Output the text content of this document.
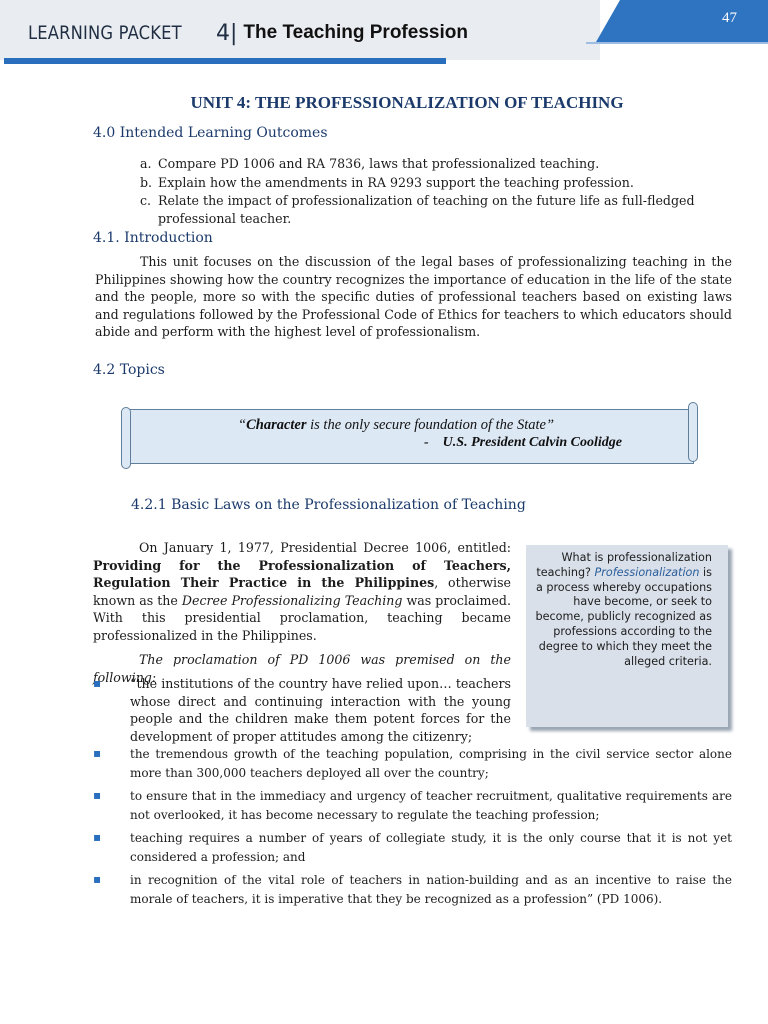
LEARNING PACKET 4 | The Teaching Profession
47
UNIT 4: THE PROFESSIONALIZATION OF TEACHING
4.0 Intended Learning Outcomes
a. Compare PD 1006 and RA 7836, laws that professionalized teaching.
b. Explain how the amendments in RA 9293 support the teaching profession.
c. Relate the impact of professionalization of teaching on the future life as full-fledged professional teacher.
4.1. Introduction

This unit focuses on the discussion of the legal bases of professionalizing teaching in the Philippines showing how the country recognizes the importance of education in the life of the state and the people, more so with the specific duties of professional teachers based on existing laws and regulations followed by the Professional Code of Ethics for teachers to which educators should abide and perform with the highest level of professionalism.

4.2 Topics
“Character is the only secure foundation of the State”
- U.S. President Calvin Coolidge
4.2.1 Basic Laws on the Professionalization of Teaching

On January 1, 1977, Presidential Decree 1006, entitled: Providing for the Professionalization of Teachers, Regulation Their Practice in the Philippines, otherwise known as the Decree Professionalizing Teaching was proclaimed. With this presidential proclamation, teaching became professionalized in the Philippines.

The proclamation of PD 1006 was premised on the following:

▪ “the institutions of the country have relied upon… teachers whose direct and continuing interaction with the young people and the children make them potent forces for the development of proper attitudes among the citizenry;
▪ the tremendous growth of the teaching population, comprising in the civil service sector alone more than 300,000 teachers deployed all over the country;
▪ to ensure that in the immediacy and urgency of teacher recruitment, qualitative requirements are not overlooked, it has become necessary to regulate the teaching profession;
▪ teaching requires a number of years of collegiate study, it is the only course that it is not yet considered a profession; and
▪ in recognition of the vital role of teachers in nation-building and as an incentive to raise the morale of teachers, it is imperative that they be recognized as a profession” (PD 1006).
What is professionalization teaching? Professionalization is a process whereby occupations have become, or seek to become, publicly recognized as professions according to the degree to which they meet the alleged criteria.
